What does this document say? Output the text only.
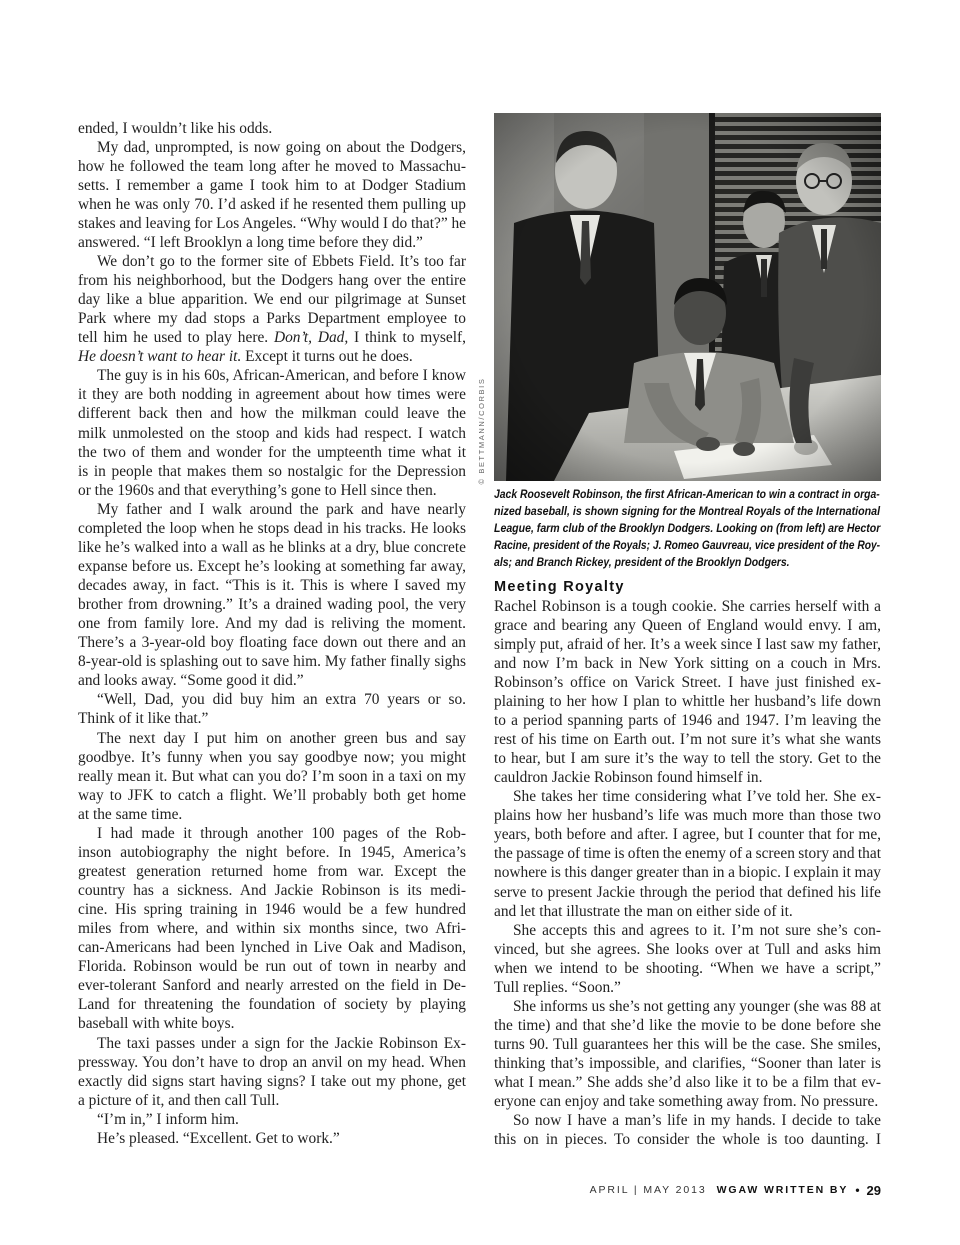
ended, I wouldn’t like his odds.
My dad, unprompted, is now going on about the Dodgers,
how he followed the team long after he moved to Massachu-
setts. I remember a game I took him to at Dodger Stadium
when he was only 70. I’d asked if he resented them pulling up
stakes and leaving for Los Angeles. “Why would I do that?” he
answered. “I left Brooklyn a long time before they did.”
We don’t go to the former site of Ebbets Field. It’s too far
from his neighborhood, but the Dodgers hang over the entire
day like a blue apparition. We end our pilgrimage at Sunset
Park where my dad stops a Parks Department employee to
tell him he used to play here. Don’t, Dad, I think to myself,
He doesn’t want to hear it. Except it turns out he does.
The guy is in his 60s, African-American, and before I know
it they are both nodding in agreement about how times were
different back then and how the milkman could leave the
milk unmolested on the stoop and kids had respect. I watch
the two of them and wonder for the umpteenth time what it
is in people that makes them so nostalgic for the Depression
or the 1960s and that everything’s gone to Hell since then.
My father and I walk around the park and have nearly
completed the loop when he stops dead in his tracks. He looks
like he’s walked into a wall as he blinks at a dry, blue concrete
expanse before us. Except he’s looking at something far away,
decades away, in fact. “This is it. This is where I saved my
brother from drowning.” It’s a drained wading pool, the very
one from family lore. And my dad is reliving the moment.
There’s a 3-year-old boy floating face down out there and an
8-year-old is splashing out to save him. My father finally sighs
and looks away. “Some good it did.”
“Well, Dad, you did buy him an extra 70 years or so.
Think of it like that.”
The next day I put him on another green bus and say
goodbye. It’s funny when you say goodbye now; you might
really mean it. But what can you do? I’m soon in a taxi on my
way to JFK to catch a flight. We’ll probably both get home
at the same time.
I had made it through another 100 pages of the Rob-
inson autobiography the night before. In 1945, America’s
greatest generation returned home from war. Except the
country has a sickness. And Jackie Robinson is its medi-
cine. His spring training in 1946 would be a few hundred
miles from where, and within six months since, two Afri-
can-Americans had been lynched in Live Oak and Madison,
Florida. Robinson would be run out of town in nearby and
ever-tolerant Sanford and nearly arrested on the field in De-
Land for threatening the foundation of society by playing
baseball with white boys.
The taxi passes under a sign for the Jackie Robinson Ex-
pressway. You don’t have to drop an anvil on my head. When
exactly did signs start having signs? I take out my phone, get
a picture of it, and then call Tull.
“I’m in,” I inform him.
He’s pleased. “Excellent. Get to work.”
© BETTMANN/CORBIS
Jack Roosevelt Robinson, the first African-American to win a contract in orga-
nized baseball, is shown signing for the Montreal Royals of the International
League, farm club of the Brooklyn Dodgers. Looking on (from left) are Hector
Racine, president of the Royals; J. Romeo Gauvreau, vice president of the Roy-
als; and Branch Rickey, president of the Brooklyn Dodgers.
Meeting Royalty
Rachel Robinson is a tough cookie. She carries herself with a
grace and bearing any Queen of England would envy. I am,
simply put, afraid of her. It’s a week since I last saw my father,
and now I’m back in New York sitting on a couch in Mrs.
Robinson’s office on Varick Street. I have just finished ex-
plaining to her how I plan to whittle her husband’s life down
to a period spanning parts of 1946 and 1947. I’m leaving the
rest of his time on Earth out. I’m not sure it’s what she wants
to hear, but I am sure it’s the way to tell the story. Get to the
cauldron Jackie Robinson found himself in.
She takes her time considering what I’ve told her. She ex-
plains how her husband’s life was much more than those two
years, both before and after. I agree, but I counter that for me,
the passage of time is often the enemy of a screen story and that
nowhere is this danger greater than in a biopic. I explain it may
serve to present Jackie through the period that defined his life
and let that illustrate the man on either side of it.
She accepts this and agrees to it. I’m not sure she’s con-
vinced, but she agrees. She looks over at Tull and asks him
when we intend to be shooting. “When we have a script,”
Tull replies. “Soon.”
She informs us she’s not getting any younger (she was 88 at
the time) and that she’d like the movie to be done before she
turns 90. Tull guarantees her this will be the case. She smiles,
thinking that’s impossible, and clarifies, “Sooner than later is
what I mean.” She adds she’d also like it to be a film that ev-
eryone can enjoy and take something away from. No pressure.
So now I have a man’s life in my hands. I decide to take
this on in pieces. To consider the whole is too daunting. I
APRIL | MAY 2013 WGAW WRITTEN BY • 29
